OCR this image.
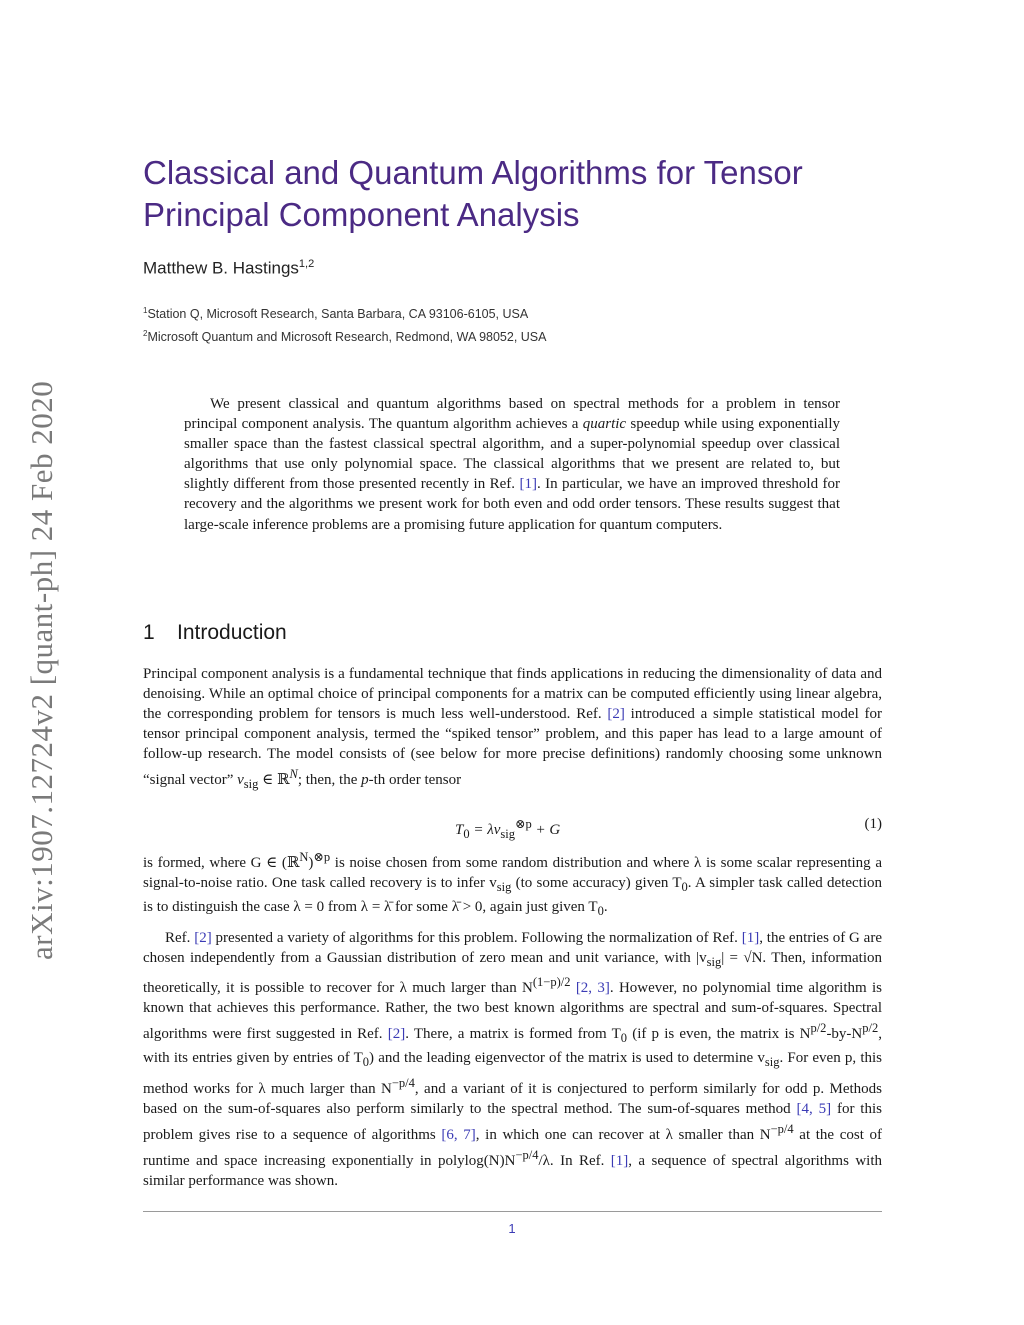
arXiv:1907.12724v2 [quant-ph] 24 Feb 2020
Classical and Quantum Algorithms for Tensor Principal Component Analysis
Matthew B. Hastings$^{1,2}$
$^1$Station Q, Microsoft Research, Santa Barbara, CA 93106-6105, USA
$^2$Microsoft Quantum and Microsoft Research, Redmond, WA 98052, USA

We present classical and quantum algorithms based on spectral methods for a problem in tensor principal component analysis. The quantum algorithm achieves a quartic speedup while using exponentially smaller space than the fastest classical spectral algorithm, and a super-polynomial speedup over classical algorithms that use only polynomial space. The classical algorithms that we present are related to, but slightly different from those presented recently in Ref. [1]. In particular, we have an improved threshold for recovery and the algorithms we present work for both even and odd order tensors. These results suggest that large-scale inference problems are a promising future application for quantum computers.

1 Introduction

Principal component analysis is a fundamental technique that finds applications in reducing the dimensionality of data and denoising. While an optimal choice of principal components for a matrix can be computed efficiently using linear algebra, the corresponding problem for tensors is much less well-understood. Ref. [2] introduced a simple statistical model for tensor principal component analysis, termed the “spiked tensor” problem, and this paper has lead to a large amount of follow-up research. The model consists of (see below for more precise definitions) randomly choosing some unknown “signal vector” $v_{sig}$ ∈ ℝ$^N$; then, the p-th order tensor

$T_0 = \lambda v_{sig}^{\otimes p} + G$	(1)

is formed, where G ∈ (ℝ$^N$)$^{\otimes p}$ is noise chosen from some random distribution and where λ is some scalar representing a signal-to-noise ratio. One task called recovery is to infer $v_{sig}$ (to some accuracy) given $T_0$. A simpler task called detection is to distinguish the case λ = 0 from λ = λ̄ for some λ̄ > 0, again just given $T_0$.

Ref. [2] presented a variety of algorithms for this problem. Following the normalization of Ref. [1], the entries of G are chosen independently from a Gaussian distribution of zero mean and unit variance, with $|v_{sig}| = √N$. Then, information theoretically, it is possible to recover for λ much larger than $N^{(1-p)/2}$ [2, 3]. However, no polynomial time algorithm is known that achieves this performance. Rather, the two best known algorithms are spectral and sum-of-squares. Spectral algorithms were first suggested in Ref. [2]. There, a matrix is formed from $T_0$ (if p is even, the matrix is $N^{p/2}-by-N^{p/2}$, with its entries given by entries of $T_0$) and the leading eigenvector of the matrix is used to determine $v_{sig}$. For even p, this method works for λ much larger than $N^{-p/4}$, and a variant of it is conjectured to perform similarly for odd p. Methods based on the sum-of-squares also perform similarly to the spectral method. The sum-of-squares method [4, 5] for this problem gives rise to a sequence of algorithms [6, 7], in which one can recover at λ smaller than $N^{-p/4}$ at the cost of runtime and space increasing exponentially in $polylog(N)N^{-p/4}/\lambda$. In Ref. [1], a sequence of spectral algorithms with similar performance was shown.

1
